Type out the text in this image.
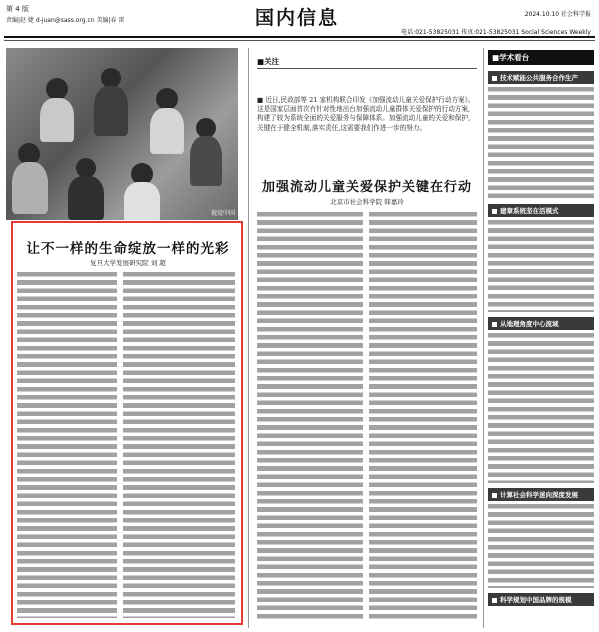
第 4 版
责编|赵 婕 d-juan@sass.org.cn 美编|春 雷	国内信息	2024.10.10 社会科学报
电话:021-53825031 传真:021-53825031 Social Sciences Weekly
视觉中国
让不一样的生命绽放一样的光彩
复旦大学发展研究院 刘 超
■关注
■ 近日,民政部等 21 家机构联合印发《加强流动儿童关爱保护行动方案》。这是国家层面首次有针对性地出台加强流动儿童群体关爱保护的行动方案,构建了较为系统全面的关爱服务与保障体系。加强流动儿童的关爱和保护,关键在于健全机制,落实责任,这需要我们作进一步的努力。
加强流动儿童关爱保护关键在行动
北京市社会科学院 韩嘉玲
■学术看台
技术赋能公共服务合作生产
建章系统坚在活模式
从地理角度中心流域
计算社会科学迷向深度发展
科学规划中国品牌的规模
